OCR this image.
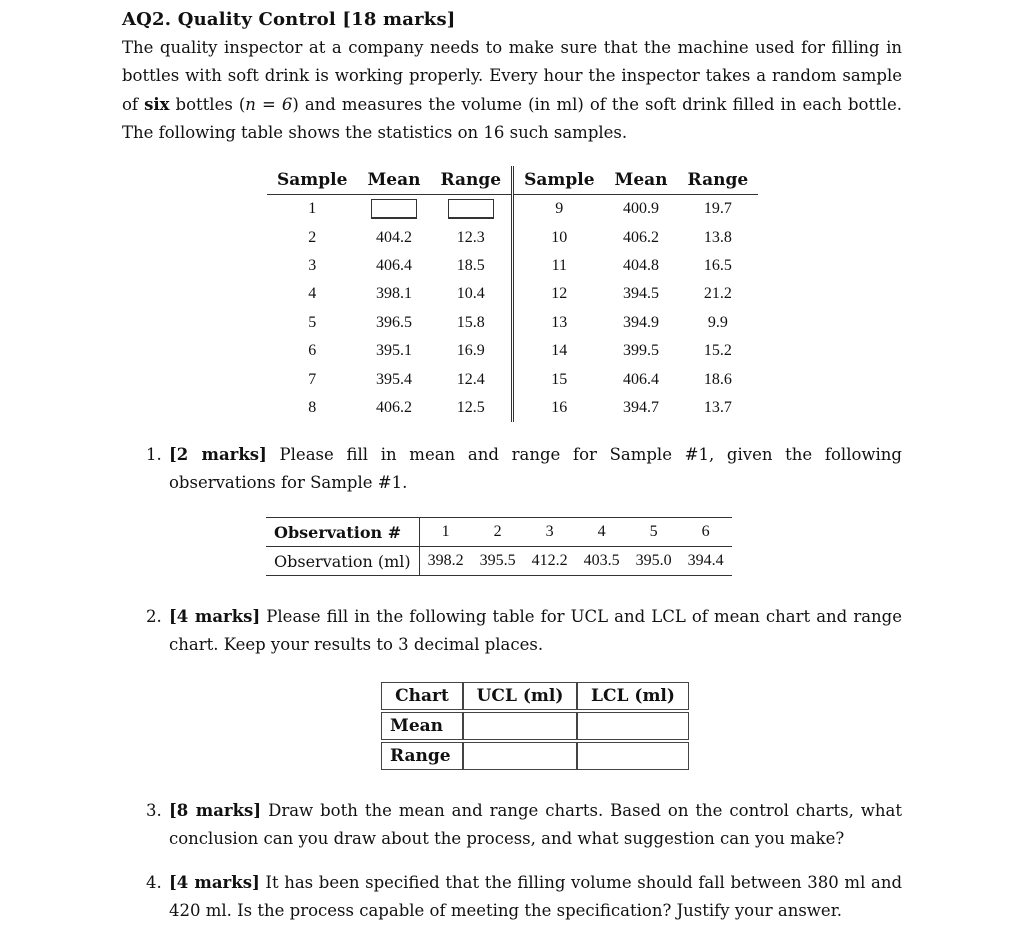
AQ2. Quality Control [18 marks]

The quality inspector at a company needs to make sure that the machine used for filling in bottles with soft drink is working properly. Every hour the inspector takes a random sample of six bottles (n = 6) and measures the volume (in ml) of the soft drink filled in each bottle. The following table shows the statistics on 16 such samples.

Sample	Mean	Range	Sample	Mean	Range
1			9	400.9	19.7
2	404.2	12.3	10	406.2	13.8
3	406.4	18.5	11	404.8	16.5
4	398.1	10.4	12	394.5	21.2
5	396.5	15.8	13	394.9	9.9
6	395.1	16.9	14	399.5	15.2
7	395.4	12.4	15	406.4	18.6
8	406.2	12.5	16	394.7	13.7
1. [2 marks] Please fill in mean and range for Sample #1, given the following observations for Sample #1.
Observation #	1	2	3	4	5	6
Observation (ml)	398.2	395.5	412.2	403.5	395.0	394.4
2. [4 marks] Please fill in the following table for UCL and LCL of mean chart and range chart. Keep your results to 3 decimal places.
Chart	UCL (ml)	LCL (ml)
Mean		
Range		
3. [8 marks] Draw both the mean and range charts. Based on the control charts, what conclusion can you draw about the process, and what suggestion can you make?
4. [4 marks] It has been specified that the filling volume should fall between 380 ml and 420 ml. Is the process capable of meeting the specification? Justify your answer.
